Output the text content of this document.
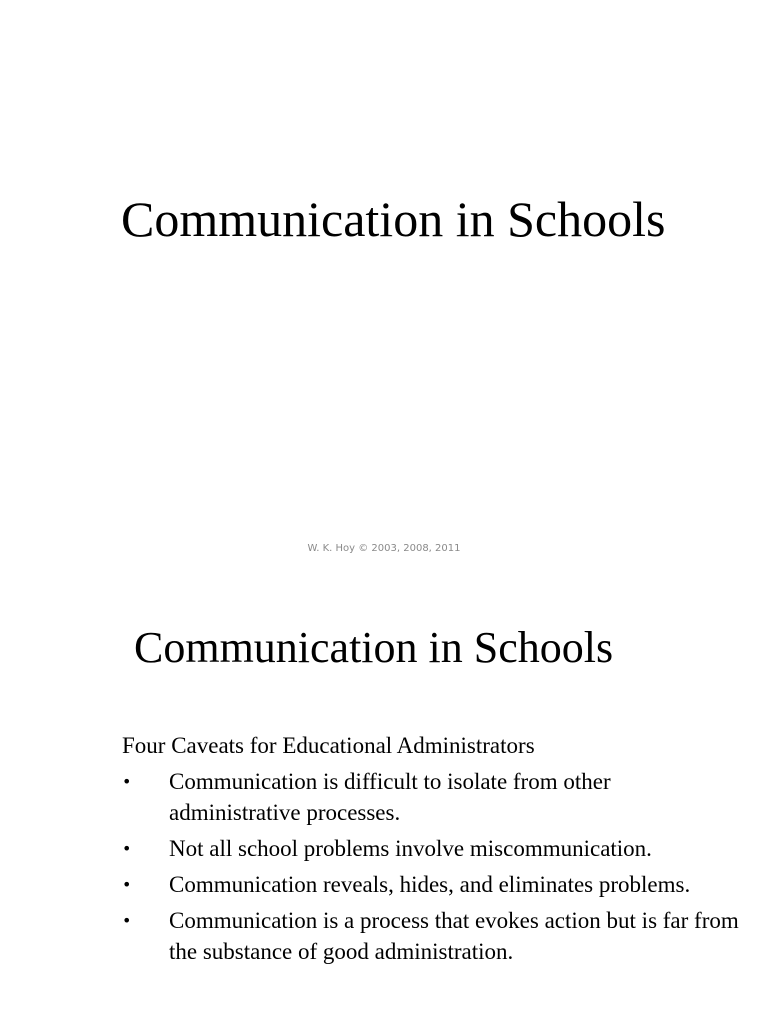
Communication in Schools
W. K. Hoy © 2003, 2008, 2011
Communication in Schools
Four Caveats for Educational Administrators
• Communication is difficult to isolate from other administrative processes.
• Not all school problems involve miscommunication.
• Communication reveals, hides, and eliminates problems.
• Communication is a process that evokes action but is far from the substance of good administration.
